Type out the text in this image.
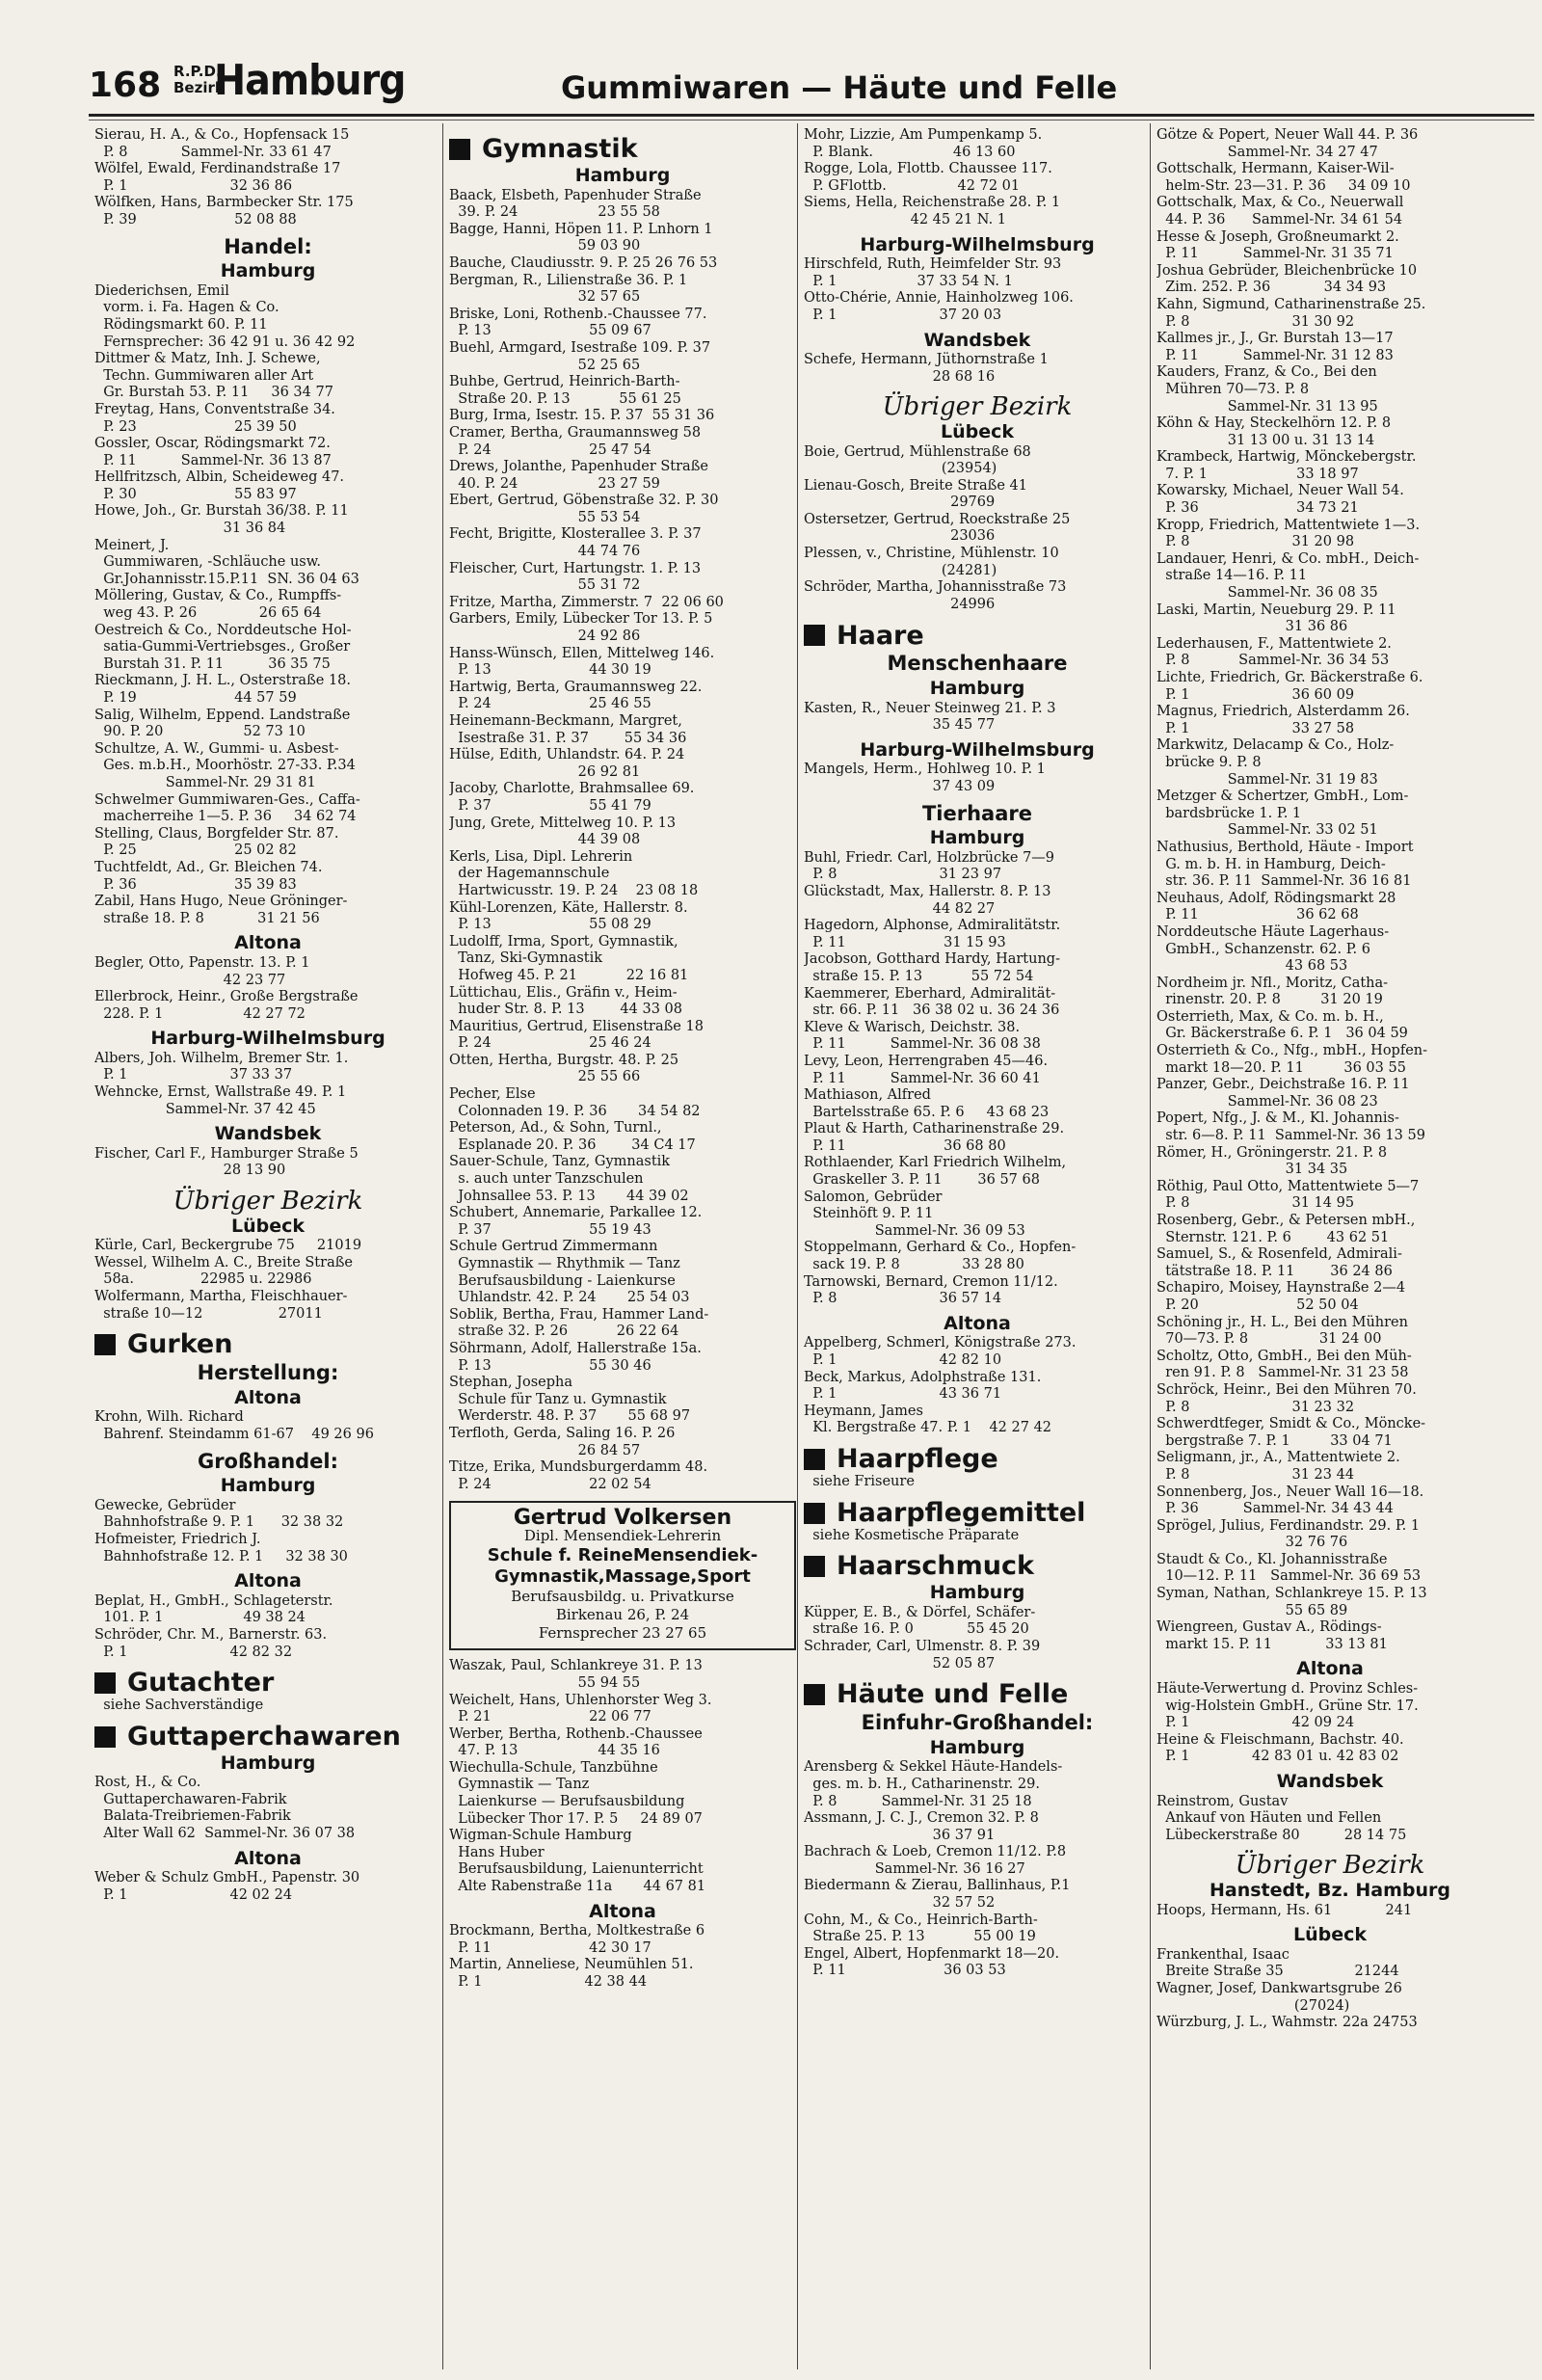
168 R.P.D.
Bezirk
Hamburg	Gummiwaren — Häute und Felle
Sierau, H. A., & Co., Hopfensack 15
P. 8            Sammel-Nr. 33 61 47
Wölfel, Ewald, Ferdinandstraße 17
P. 1                       32 36 86
Wölfken, Hans, Barmbecker Str. 175
P. 39                      52 08 88
Handel:
Hamburg
Diederichsen, Emil
vorm. i. Fa. Hagen & Co.
Rödingsmarkt 60. P. 11
Fernsprecher: 36 42 91 u. 36 42 92
Dittmer & Matz, Inh. J. Schewe,
Techn. Gummiwaren aller Art
Gr. Burstah 53. P. 11     36 34 77
Freytag, Hans, Conventstraße 34.
P. 23                      25 39 50
Gossler, Oscar, Rödingsmarkt 72.
P. 11          Sammel-Nr. 36 13 87
Hellfritzsch, Albin, Scheideweg 47.
P. 30                      55 83 97
Howe, Joh., Gr. Burstah 36/38. P. 11
31 36 84
Meinert, J.
Gummiwaren, -Schläuche usw.
Gr.Johannisstr.15.P.11  SN. 36 04 63
Möllering, Gustav, & Co., Rumpffs-
weg 43. P. 26              26 65 64
Oestreich & Co., Norddeutsche Hol-
satia-Gummi-Vertriebsges., Großer
Burstah 31. P. 11          36 35 75
Rieckmann, J. H. L., Osterstraße 18.
P. 19                      44 57 59
Salig, Wilhelm, Eppend. Landstraße
90. P. 20                  52 73 10
Schultze, A. W., Gummi- u. Asbest-
Ges. m.b.H., Moorhöstr. 27-33. P.34
Sammel-Nr. 29 31 81
Schwelmer Gummiwaren-Ges., Caffa-
macherreihe 1—5. P. 36     34 62 74
Stelling, Claus, Borgfelder Str. 87.
P. 25                      25 02 82
Tuchtfeldt, Ad., Gr. Bleichen 74.
P. 36                      35 39 83
Zabil, Hans Hugo, Neue Gröninger-
straße 18. P. 8            31 21 56
Altona
Begler, Otto, Papenstr. 13. P. 1
42 23 77
Ellerbrock, Heinr., Große Bergstraße
228. P. 1                  42 27 72
Harburg-Wilhelmsburg
Albers, Joh. Wilhelm, Bremer Str. 1.
P. 1                       37 33 37
Wehncke, Ernst, Wallstraße 49. P. 1
Sammel-Nr. 37 42 45
Wandsbek
Fischer, Carl F., Hamburger Straße 5
28 13 90
Übriger Bezirk
Lübeck
Kürle, Carl, Beckergrube 75     21019
Wessel, Wilhelm A. C., Breite Straße
58a.               22985 u. 22986
Wolfermann, Martha, Fleischhauer-
straße 10—12                 27011
Gurken
Herstellung:
Altona
Krohn, Wilh. Richard
Bahrenf. Steindamm 61-67    49 26 96
Großhandel:
Hamburg
Gewecke, Gebrüder
Bahnhofstraße 9. P. 1      32 38 32
Hofmeister, Friedrich J.
Bahnhofstraße 12. P. 1     32 38 30
Altona
Beplat, H., GmbH., Schlageterstr.
101. P. 1                  49 38 24
Schröder, Chr. M., Barnerstr. 63.
P. 1                       42 82 32
Gutachter
siehe Sachverständige
Guttaperchawaren
Hamburg
Rost, H., & Co.
Guttaperchawaren-Fabrik
Balata-Treibriemen-Fabrik
Alter Wall 62  Sammel-Nr. 36 07 38
Altona
Weber & Schulz GmbH., Papenstr. 30
P. 1                       42 02 24
Gymnastik
Hamburg
Baack, Elsbeth, Papenhuder Straße
39. P. 24                  23 55 58
Bagge, Hanni, Höpen 11. P. Lnhorn 1
59 03 90
Bauche, Claudiusstr. 9. P. 25 26 76 53
Bergman, R., Lilienstraße 36. P. 1
32 57 65
Briske, Loni, Rothenb.-Chaussee 77.
P. 13                      55 09 67
Buehl, Armgard, Isestraße 109. P. 37
52 25 65
Buhbe, Gertrud, Heinrich-Barth-
Straße 20. P. 13           55 61 25
Burg, Irma, Isestr. 15. P. 37  55 31 36
Cramer, Bertha, Graumannsweg 58
P. 24                      25 47 54
Drews, Jolanthe, Papenhuder Straße
40. P. 24                  23 27 59
Ebert, Gertrud, Göbenstraße 32. P. 30
55 53 54
Fecht, Brigitte, Klosterallee 3. P. 37
44 74 76
Fleischer, Curt, Hartungstr. 1. P. 13
55 31 72
Fritze, Martha, Zimmerstr. 7  22 06 60
Garbers, Emily, Lübecker Tor 13. P. 5
24 92 86
Hanss-Wünsch, Ellen, Mittelweg 146.
P. 13                      44 30 19
Hartwig, Berta, Graumannsweg 22.
P. 24                      25 46 55
Heinemann-Beckmann, Margret,
Isestraße 31. P. 37        55 34 36
Hülse, Edith, Uhlandstr. 64. P. 24
26 92 81
Jacoby, Charlotte, Brahmsallee 69.
P. 37                      55 41 79
Jung, Grete, Mittelweg 10. P. 13
44 39 08
Kerls, Lisa, Dipl. Lehrerin
der Hagemannschule
Hartwicusstr. 19. P. 24    23 08 18
Kühl-Lorenzen, Käte, Hallerstr. 8.
P. 13                      55 08 29
Ludolff, Irma, Sport, Gymnastik,
Tanz, Ski-Gymnastik
Hofweg 45. P. 21           22 16 81
Lüttichau, Elis., Gräfin v., Heim-
huder Str. 8. P. 13        44 33 08
Mauritius, Gertrud, Elisenstraße 18
P. 24                      25 46 24
Otten, Hertha, Burgstr. 48. P. 25
25 55 66
Pecher, Else
Colonnaden 19. P. 36       34 54 82
Peterson, Ad., & Sohn, Turnl.,
Esplanade 20. P. 36        34 C4 17
Sauer-Schule, Tanz, Gymnastik
s. auch unter Tanzschulen
Johnsallee 53. P. 13       44 39 02
Schubert, Annemarie, Parkallee 12.
P. 37                      55 19 43
Schule Gertrud Zimmermann
Gymnastik — Rhythmik — Tanz
Berufsausbildung - Laienkurse
Uhlandstr. 42. P. 24       25 54 03
Soblik, Bertha, Frau, Hammer Land-
straße 32. P. 26           26 22 64
Söhrmann, Adolf, Hallerstraße 15a.
P. 13                      55 30 46
Stephan, Josepha
Schule für Tanz u. Gymnastik
Werderstr. 48. P. 37       55 68 97
Terfloth, Gerda, Saling 16. P. 26
26 84 57
Titze, Erika, Mundsburgerdamm 48.
P. 24                      22 02 54
Gertrud Volkersen
Dipl. Mensendiek-Lehrerin
Schule f. ReineMensendiek-
Gymnastik,Massage,Sport
Berufsausbildg. u. Privatkurse
Birkenau 26, P. 24
Fernsprecher 23 27 65
Waszak, Paul, Schlankreye 31. P. 13
55 94 55
Weichelt, Hans, Uhlenhorster Weg 3.
P. 21                      22 06 77
Werber, Bertha, Rothenb.-Chaussee
47. P. 13                  44 35 16
Wiechulla-Schule, Tanzbühne
Gymnastik — Tanz
Laienkurse — Berufsausbildung
Lübecker Thor 17. P. 5     24 89 07
Wigman-Schule Hamburg
Hans Huber
Berufsausbildung, Laienunterricht
Alte Rabenstraße 11a       44 67 81
Altona
Brockmann, Bertha, Moltkestraße 6
P. 11                      42 30 17
Martin, Anneliese, Neumühlen 51.
P. 1                       42 38 44
Mohr, Lizzie, Am Pumpenkamp 5.
P. Blank.                  46 13 60
Rogge, Lola, Flottb. Chaussee 117.
P. GFlottb.                42 72 01
Siems, Hella, Reichenstraße 28. P. 1
42 45 21 N. 1
Harburg-Wilhelmsburg
Hirschfeld, Ruth, Heimfelder Str. 93
P. 1                  37 33 54 N. 1
Otto-Chérie, Annie, Hainholzweg 106.
P. 1                       37 20 03
Wandsbek
Schefe, Hermann, Jüthornstraße 1
28 68 16
Übriger Bezirk
Lübeck
Boie, Gertrud, Mühlenstraße 68
(23954)
Lienau-Gosch, Breite Straße 41
29769
Ostersetzer, Gertrud, Roeckstraße 25
23036
Plessen, v., Christine, Mühlenstr. 10
(24281)
Schröder, Martha, Johannisstraße 73
24996
Haare
Menschenhaare
Hamburg
Kasten, R., Neuer Steinweg 21. P. 3
35 45 77
Harburg-Wilhelmsburg
Mangels, Herm., Hohlweg 10. P. 1
37 43 09
Tierhaare
Hamburg
Buhl, Friedr. Carl, Holzbrücke 7—9
P. 8                       31 23 97
Glückstadt, Max, Hallerstr. 8. P. 13
44 82 27
Hagedorn, Alphonse, Admiralitätstr.
P. 11                      31 15 93
Jacobson, Gotthard Hardy, Hartung-
straße 15. P. 13           55 72 54
Kaemmerer, Eberhard, Admiralität-
str. 66. P. 11   36 38 02 u. 36 24 36
Kleve & Warisch, Deichstr. 38.
P. 11          Sammel-Nr. 36 08 38
Levy, Leon, Herrengraben 45—46.
P. 11          Sammel-Nr. 36 60 41
Mathiason, Alfred
Bartelsstraße 65. P. 6     43 68 23
Plaut & Harth, Catharinenstraße 29.
P. 11                      36 68 80
Rothlaender, Karl Friedrich Wilhelm,
Graskeller 3. P. 11        36 57 68
Salomon, Gebrüder
Steinhöft 9. P. 11
Sammel-Nr. 36 09 53
Stoppelmann, Gerhard & Co., Hopfen-
sack 19. P. 8              33 28 80
Tarnowski, Bernard, Cremon 11/12.
P. 8                       36 57 14
Altona
Appelberg, Schmerl, Königstraße 273.
P. 1                       42 82 10
Beck, Markus, Adolphstraße 131.
P. 1                       43 36 71
Heymann, James
Kl. Bergstraße 47. P. 1    42 27 42
Haarpflege
siehe Friseure
Haarpflegemittel
siehe Kosmetische Präparate
Haarschmuck
Hamburg
Küpper, E. B., & Dörfel, Schäfer-
straße 16. P. 0            55 45 20
Schrader, Carl, Ulmenstr. 8. P. 39
52 05 87
Häute und Felle
Einfuhr-Großhandel:
Hamburg
Arensberg & Sekkel Häute-Handels-
ges. m. b. H., Catharinenstr. 29.
P. 8          Sammel-Nr. 31 25 18
Assmann, J. C. J., Cremon 32. P. 8
36 37 91
Bachrach & Loeb, Cremon 11/12. P.8
Sammel-Nr. 36 16 27
Biedermann & Zierau, Ballinhaus, P.1
32 57 52
Cohn, M., & Co., Heinrich-Barth-
Straße 25. P. 13           55 00 19
Engel, Albert, Hopfenmarkt 18—20.
P. 11                      36 03 53
Götze & Popert, Neuer Wall 44. P. 36
Sammel-Nr. 34 27 47
Gottschalk, Hermann, Kaiser-Wil-
helm-Str. 23—31. P. 36     34 09 10
Gottschalk, Max, & Co., Neuerwall
44. P. 36      Sammel-Nr. 34 61 54
Hesse & Joseph, Großneumarkt 2.
P. 11          Sammel-Nr. 31 35 71
Joshua Gebrüder, Bleichenbrücke 10
Zim. 252. P. 36            34 34 93
Kahn, Sigmund, Catharinenstraße 25.
P. 8                       31 30 92
Kallmes jr., J., Gr. Burstah 13—17
P. 11          Sammel-Nr. 31 12 83
Kauders, Franz, & Co., Bei den
Mühren 70—73. P. 8
Sammel-Nr. 31 13 95
Köhn & Hay, Steckelhörn 12. P. 8
31 13 00 u. 31 13 14
Krambeck, Hartwig, Mönckebergstr.
7. P. 1                    33 18 97
Kowarsky, Michael, Neuer Wall 54.
P. 36                      34 73 21
Kropp, Friedrich, Mattentwiete 1—3.
P. 8                       31 20 98
Landauer, Henri, & Co. mbH., Deich-
straße 14—16. P. 11
Sammel-Nr. 36 08 35
Laski, Martin, Neueburg 29. P. 11
31 36 86
Lederhausen, F., Mattentwiete 2.
P. 8           Sammel-Nr. 36 34 53
Lichte, Friedrich, Gr. Bäckerstraße 6.
P. 1                       36 60 09
Magnus, Friedrich, Alsterdamm 26.
P. 1                       33 27 58
Markwitz, Delacamp & Co., Holz-
brücke 9. P. 8
Sammel-Nr. 31 19 83
Metzger & Schertzer, GmbH., Lom-
bardsbrücke 1. P. 1
Sammel-Nr. 33 02 51
Nathusius, Berthold, Häute - Import
G. m. b. H. in Hamburg, Deich-
str. 36. P. 11  Sammel-Nr. 36 16 81
Neuhaus, Adolf, Rödingsmarkt 28
P. 11                      36 62 68
Norddeutsche Häute Lagerhaus-
GmbH., Schanzenstr. 62. P. 6
43 68 53
Nordheim jr. Nfl., Moritz, Catha-
rinenstr. 20. P. 8         31 20 19
Osterrieth, Max, & Co. m. b. H.,
Gr. Bäckerstraße 6. P. 1   36 04 59
Osterrieth & Co., Nfg., mbH., Hopfen-
markt 18—20. P. 11         36 03 55
Panzer, Gebr., Deichstraße 16. P. 11
Sammel-Nr. 36 08 23
Popert, Nfg., J. & M., Kl. Johannis-
str. 6—8. P. 11  Sammel-Nr. 36 13 59
Römer, H., Gröningerstr. 21. P. 8
31 34 35
Röthig, Paul Otto, Mattentwiete 5—7
P. 8                       31 14 95
Rosenberg, Gebr., & Petersen mbH.,
Sternstr. 121. P. 6        43 62 51
Samuel, S., & Rosenfeld, Admirali-
tätstraße 18. P. 11        36 24 86
Schapiro, Moisey, Haynstraße 2—4
P. 20                      52 50 04
Schöning jr., H. L., Bei den Mühren
70—73. P. 8                31 24 00
Scholtz, Otto, GmbH., Bei den Müh-
ren 91. P. 8   Sammel-Nr. 31 23 58
Schröck, Heinr., Bei den Mühren 70.
P. 8                       31 23 32
Schwerdtfeger, Smidt & Co., Möncke-
bergstraße 7. P. 1         33 04 71
Seligmann, jr., A., Mattentwiete 2.
P. 8                       31 23 44
Sonnenberg, Jos., Neuer Wall 16—18.
P. 36          Sammel-Nr. 34 43 44
Sprögel, Julius, Ferdinandstr. 29. P. 1
32 76 76
Staudt & Co., Kl. Johannisstraße
10—12. P. 11   Sammel-Nr. 36 69 53
Syman, Nathan, Schlankreye 15. P. 13
55 65 89
Wiengreen, Gustav A., Rödings-
markt 15. P. 11            33 13 81
Altona
Häute-Verwertung d. Provinz Schles-
wig-Holstein GmbH., Grüne Str. 17.
P. 1                       42 09 24
Heine & Fleischmann, Bachstr. 40.
P. 1              42 83 01 u. 42 83 02
Wandsbek
Reinstrom, Gustav
Ankauf von Häuten und Fellen
Lübeckerstraße 80          28 14 75
Übriger Bezirk
Hanstedt, Bz. Hamburg
Hoops, Hermann, Hs. 61            241
Lübeck
Frankenthal, Isaac
Breite Straße 35                21244
Wagner, Josef, Dankwartsgrube 26
(27024)
Würzburg, J. L., Wahmstr. 22a 24753
